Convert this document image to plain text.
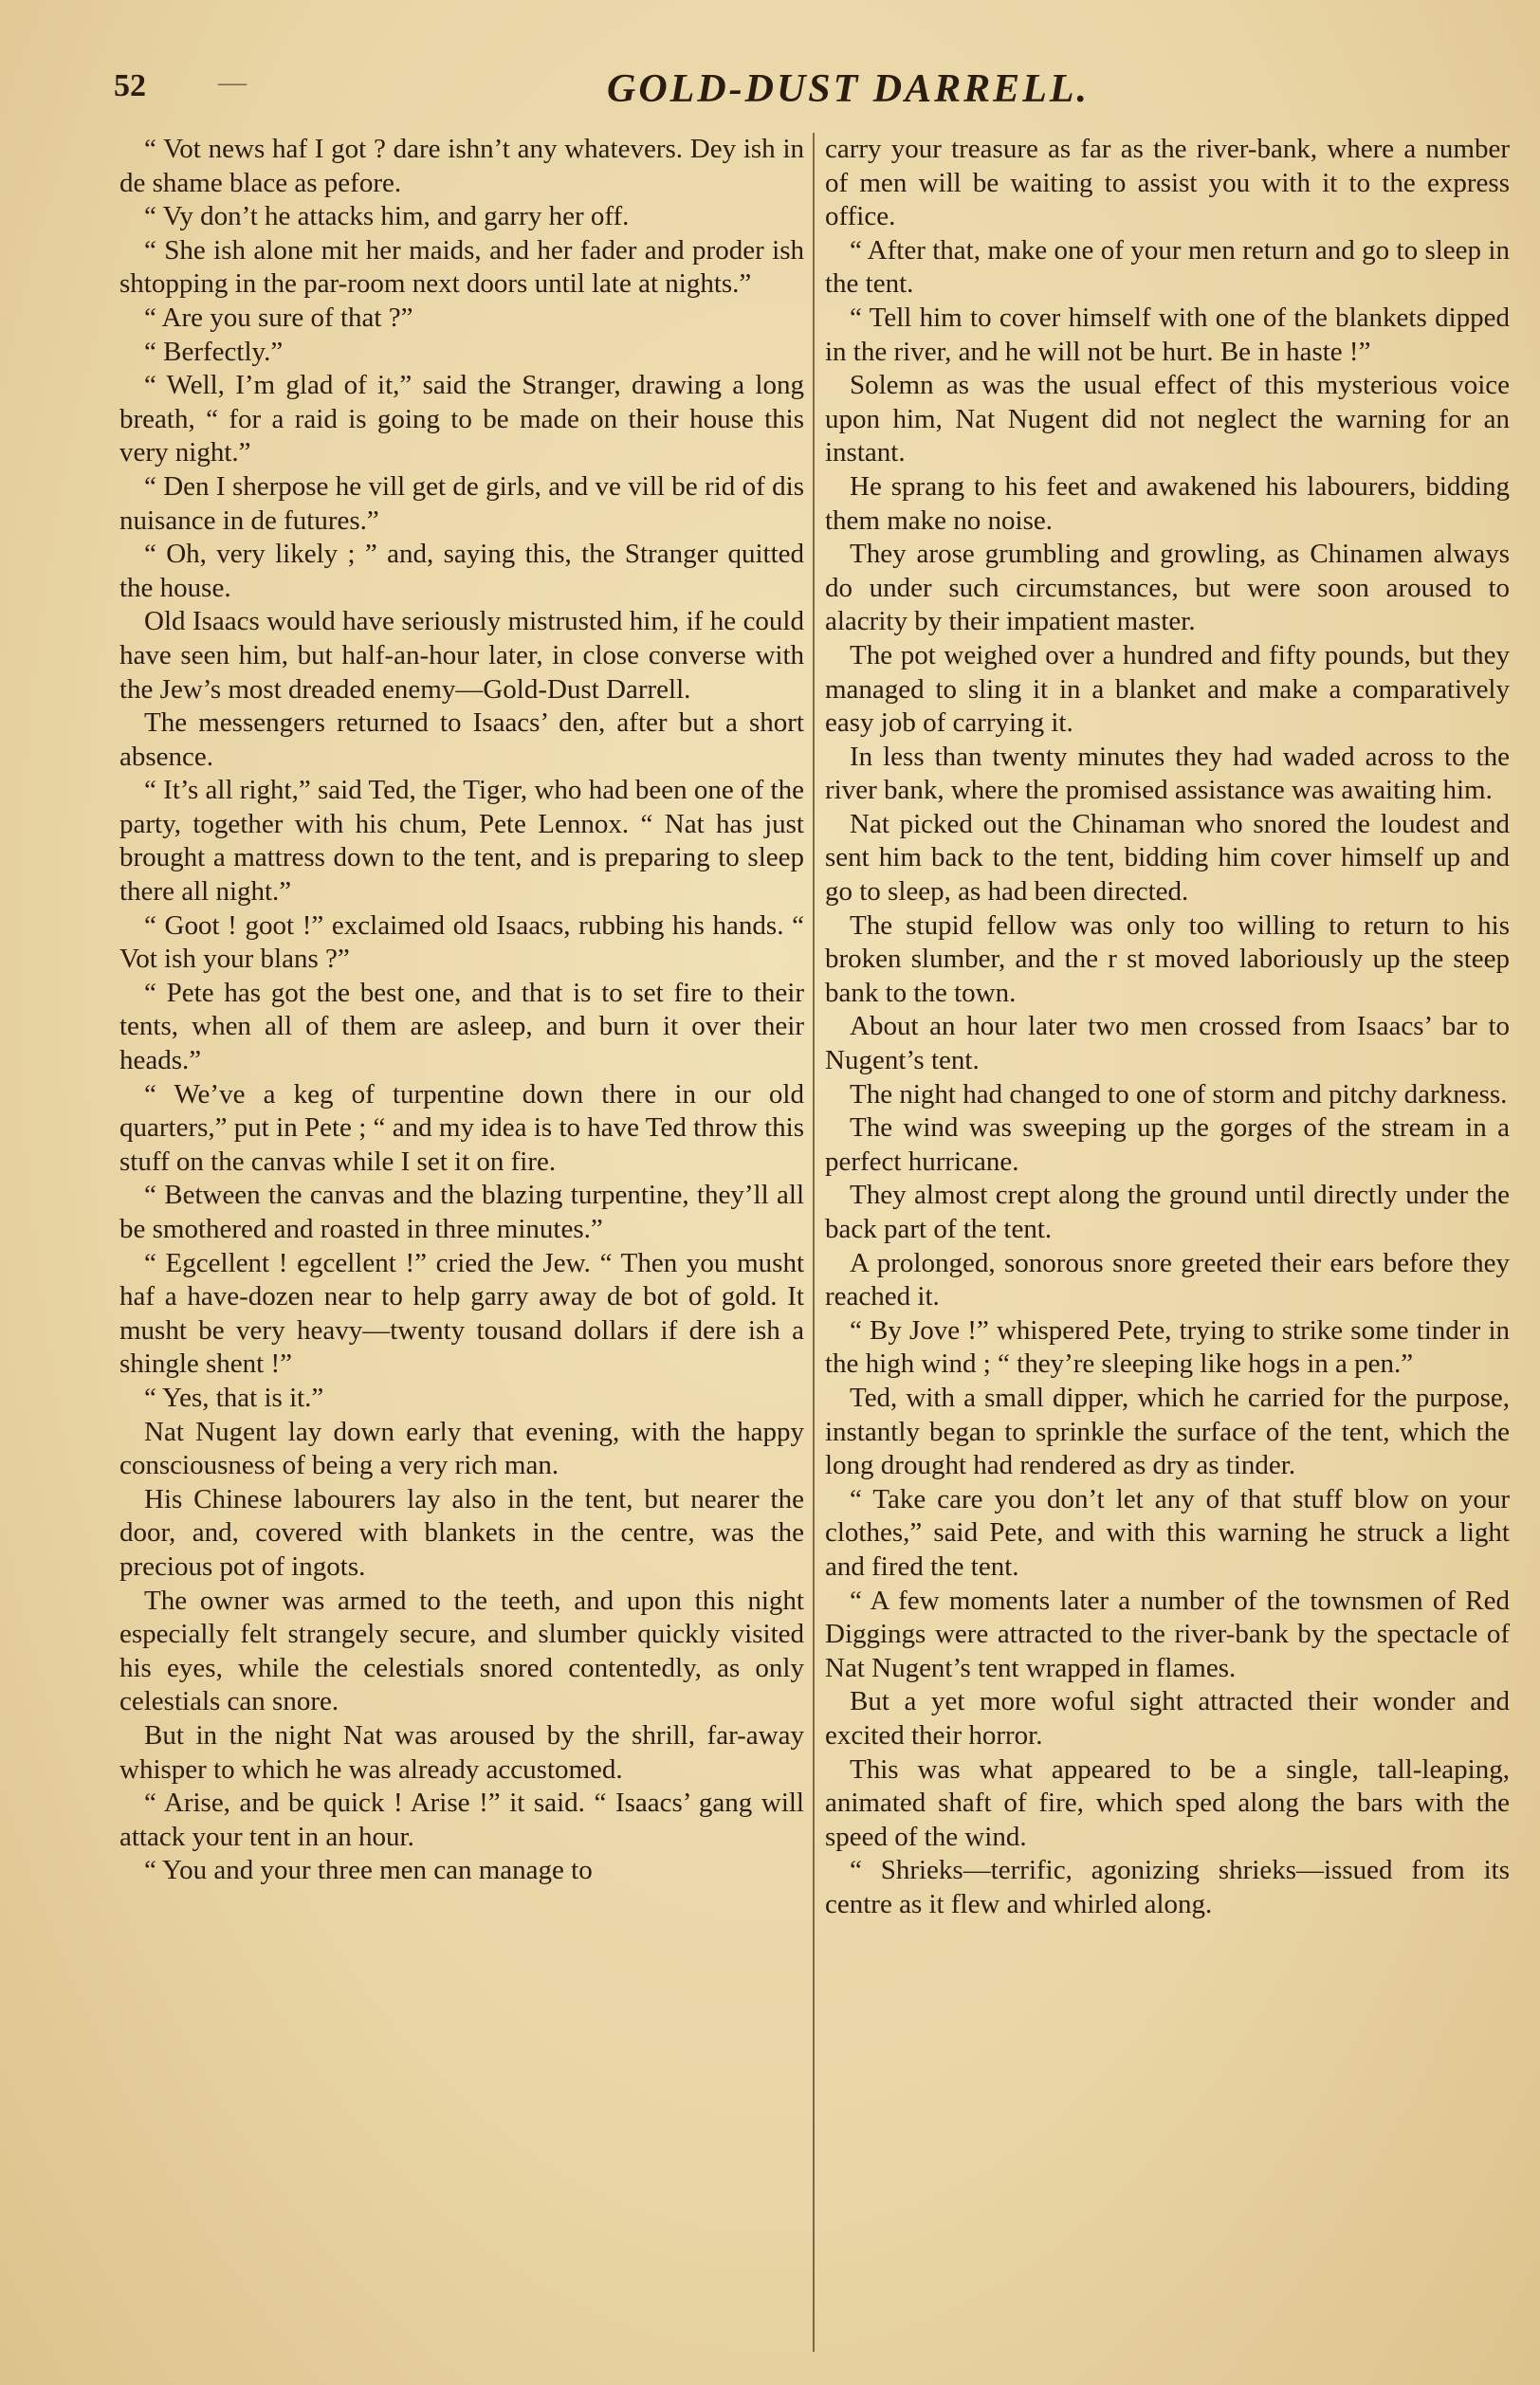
52	—	GOLD-DUST DARRELL.

“ Vot news haf I got ? dare ishn’t any whatevers. Dey ish in de shame blace as pefore.

“ Vy don’t he attacks him, and garry her off.

“ She ish alone mit her maids, and her fader and proder ish shtopping in the par-room next doors until late at nights.”

“ Are you sure of that ?”

“ Berfectly.”

“ Well, I’m glad of it,” said the Stranger, drawing a long breath, “ for a raid is going to be made on their house this very night.”

“ Den I sherpose he vill get de girls, and ve vill be rid of dis nuisance in de futures.”

“ Oh, very likely ; ” and, saying this, the Stranger quitted the house.

Old Isaacs would have seriously mistrusted him, if he could have seen him, but half-an-hour later, in close converse with the Jew’s most dreaded enemy—Gold-Dust Darrell.

The messengers returned to Isaacs’ den, after but a short absence.

“ It’s all right,” said Ted, the Tiger, who had been one of the party, together with his chum, Pete Lennox. “ Nat has just brought a mattress down to the tent, and is preparing to sleep there all night.”

“ Goot ! goot !” exclaimed old Isaacs, rubbing his hands. “ Vot ish your blans ?”

“ Pete has got the best one, and that is to set fire to their tents, when all of them are asleep, and burn it over their heads.”

“ We’ve a keg of turpentine down there in our old quarters,” put in Pete ; “ and my idea is to have Ted throw this stuff on the canvas while I set it on fire.

“ Between the canvas and the blazing turpentine, they’ll all be smothered and roasted in three minutes.”

“ Egcellent ! egcellent !” cried the Jew. “ Then you musht haf a have-dozen near to help garry away de bot of gold. It musht be very heavy—twenty tousand dollars if dere ish a shingle shent !”

“ Yes, that is it.”

Nat Nugent lay down early that evening, with the happy consciousness of being a very rich man.

His Chinese labourers lay also in the tent, but nearer the door, and, covered with blankets in the centre, was the precious pot of ingots.

The owner was armed to the teeth, and upon this night especially felt strangely secure, and slumber quickly visited his eyes, while the celestials snored contentedly, as only celestials can snore.

But in the night Nat was aroused by the shrill, far-away whisper to which he was already accustomed.

“ Arise, and be quick ! Arise !” it said. “ Isaacs’ gang will attack your tent in an hour.

“ You and your three men can manage to

carry your treasure as far as the river-bank, where a number of men will be waiting to assist you with it to the express office.

“ After that, make one of your men return and go to sleep in the tent.

“ Tell him to cover himself with one of the blankets dipped in the river, and he will not be hurt. Be in haste !”

Solemn as was the usual effect of this mysterious voice upon him, Nat Nugent did not neglect the warning for an instant.

He sprang to his feet and awakened his labourers, bidding them make no noise.

They arose grumbling and growling, as Chinamen always do under such circumstances, but were soon aroused to alacrity by their impatient master.

The pot weighed over a hundred and fifty pounds, but they managed to sling it in a blanket and make a comparatively easy job of carrying it.

In less than twenty minutes they had waded across to the river bank, where the promised assistance was awaiting him.

Nat picked out the Chinaman who snored the loudest and sent him back to the tent, bidding him cover himself up and go to sleep, as had been directed.

The stupid fellow was only too willing to return to his broken slumber, and the r st moved laboriously up the steep bank to the town.

About an hour later two men crossed from Isaacs’ bar to Nugent’s tent.

The night had changed to one of storm and pitchy darkness.

The wind was sweeping up the gorges of the stream in a perfect hurricane.

They almost crept along the ground until directly under the back part of the tent.

A prolonged, sonorous snore greeted their ears before they reached it.

“ By Jove !” whispered Pete, trying to strike some tinder in the high wind ; “ they’re sleeping like hogs in a pen.”

Ted, with a small dipper, which he carried for the purpose, instantly began to sprinkle the surface of the tent, which the long drought had rendered as dry as tinder.

“ Take care you don’t let any of that stuff blow on your clothes,” said Pete, and with this warning he struck a light and fired the tent.

“ A few moments later a number of the townsmen of Red Diggings were attracted to the river-bank by the spectacle of Nat Nugent’s tent wrapped in flames.

But a yet more woful sight attracted their wonder and excited their horror.

This was what appeared to be a single, tall-leaping, animated shaft of fire, which sped along the bars with the speed of the wind.

“ Shrieks—terrific, agonizing shrieks—issued from its centre as it flew and whirled along.
